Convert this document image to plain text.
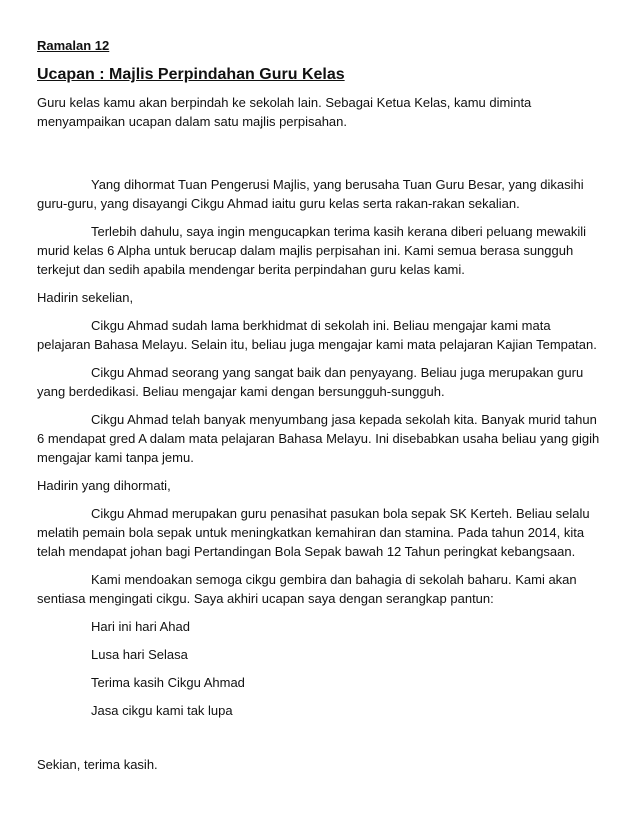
Ramalan 12
Ucapan : Majlis Perpindahan Guru Kelas
Guru kelas kamu akan berpindah ke sekolah lain. Sebagai Ketua Kelas, kamu diminta menyampaikan ucapan dalam satu majlis perpisahan.
Yang dihormat Tuan Pengerusi Majlis, yang berusaha Tuan Guru Besar, yang dikasihi guru-guru, yang disayangi Cikgu Ahmad iaitu guru kelas serta rakan-rakan sekalian.
Terlebih dahulu, saya ingin mengucapkan terima kasih kerana diberi peluang mewakili murid kelas 6 Alpha untuk berucap dalam majlis perpisahan ini. Kami semua berasa sungguh terkejut dan sedih apabila mendengar berita perpindahan guru kelas kami.
Hadirin sekelian,
Cikgu Ahmad sudah lama berkhidmat di sekolah ini. Beliau mengajar kami mata pelajaran Bahasa Melayu. Selain itu, beliau juga mengajar kami mata pelajaran Kajian Tempatan.
Cikgu Ahmad seorang yang sangat baik dan penyayang. Beliau juga merupakan guru yang berdedikasi. Beliau mengajar kami dengan bersungguh-sungguh.
Cikgu Ahmad telah banyak menyumbang jasa kepada sekolah kita. Banyak murid tahun 6 mendapat gred A dalam mata pelajaran Bahasa Melayu. Ini disebabkan usaha beliau yang gigih mengajar kami tanpa jemu.
Hadirin yang dihormati,
Cikgu Ahmad merupakan guru penasihat pasukan bola sepak SK Kerteh. Beliau selalu melatih pemain bola sepak untuk meningkatkan kemahiran dan stamina. Pada tahun 2014, kita telah mendapat johan bagi Pertandingan Bola Sepak bawah 12 Tahun peringkat kebangsaan.
Kami mendoakan semoga cikgu gembira dan bahagia di sekolah baharu. Kami akan sentiasa mengingati cikgu. Saya akhiri ucapan saya dengan serangkap pantun:
Hari ini hari Ahad
Lusa hari Selasa
Terima kasih Cikgu Ahmad
Jasa cikgu kami tak lupa
Sekian, terima kasih.
